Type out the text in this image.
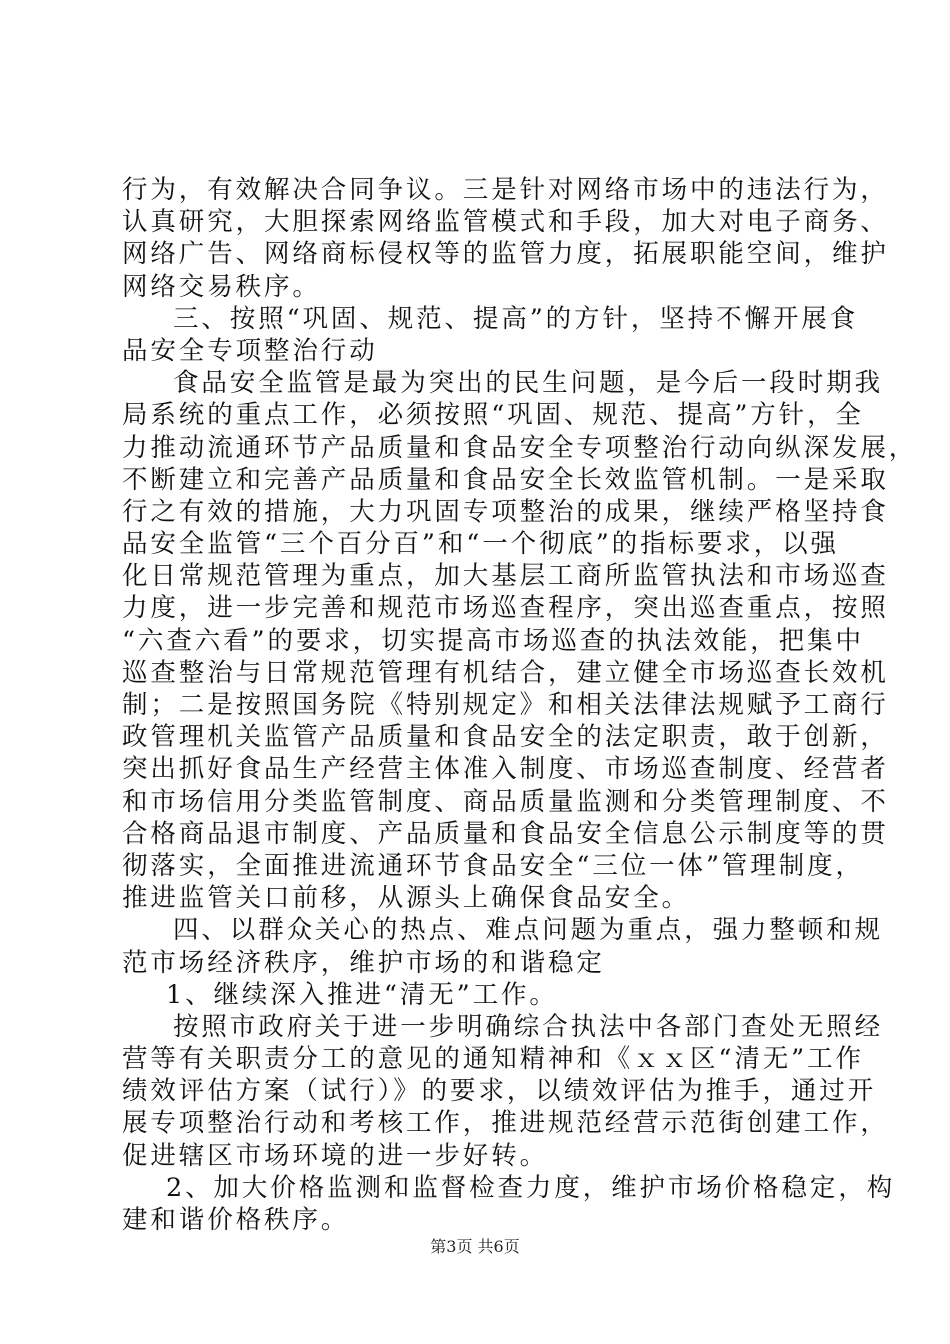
行为，有效解决合同争议。三是针对网络市场中的违法行为，
认真研究，大胆探索网络监管模式和手段，加大对电子商务、
网络广告、网络商标侵权等的监管力度，拓展职能空间，维护
网络交易秩序。
三、按照“巩固、规范、提高”的方针，坚持不懈开展食
品安全专项整治行动
食品安全监管是最为突出的民生问题，是今后一段时期我
局系统的重点工作，必须按照“巩固、规范、提高”方针，全
力推动流通环节产品质量和食品安全专项整治行动向纵深发展，
不断建立和完善产品质量和食品安全长效监管机制。一是采取
行之有效的措施，大力巩固专项整治的成果，继续严格坚持食
品安全监管“三个百分百”和“一个彻底”的指标要求，以强
化日常规范管理为重点，加大基层工商所监管执法和市场巡查
力度，进一步完善和规范市场巡查程序，突出巡查重点，按照
“六查六看”的要求，切实提高市场巡查的执法效能，把集中
巡查整治与日常规范管理有机结合，建立健全市场巡查长效机
制；二是按照国务院《特别规定》和相关法律法规赋予工商行
政管理机关监管产品质量和食品安全的法定职责，敢于创新，
突出抓好食品生产经营主体准入制度、市场巡查制度、经营者
和市场信用分类监管制度、商品质量监测和分类管理制度、不
合格商品退市制度、产品质量和食品安全信息公示制度等的贯
彻落实，全面推进流通环节食品安全“三位一体”管理制度，
推进监管关口前移，从源头上确保食品安全。
四、以群众关心的热点、难点问题为重点，强力整顿和规
范市场经济秩序，维护市场的和谐稳定
1、继续深入推进“清无”工作。
按照市政府关于进一步明确综合执法中各部门查处无照经
营等有关职责分工的意见的通知精神和《ｘｘ区“清无”工作
绩效评估方案（试行）》的要求，以绩效评估为推手，通过开
展专项整治行动和考核工作，推进规范经营示范街创建工作，
促进辖区市场环境的进一步好转。
2、加大价格监测和监督检查力度，维护市场价格稳定，构
建和谐价格秩序。
第3页 共6页
